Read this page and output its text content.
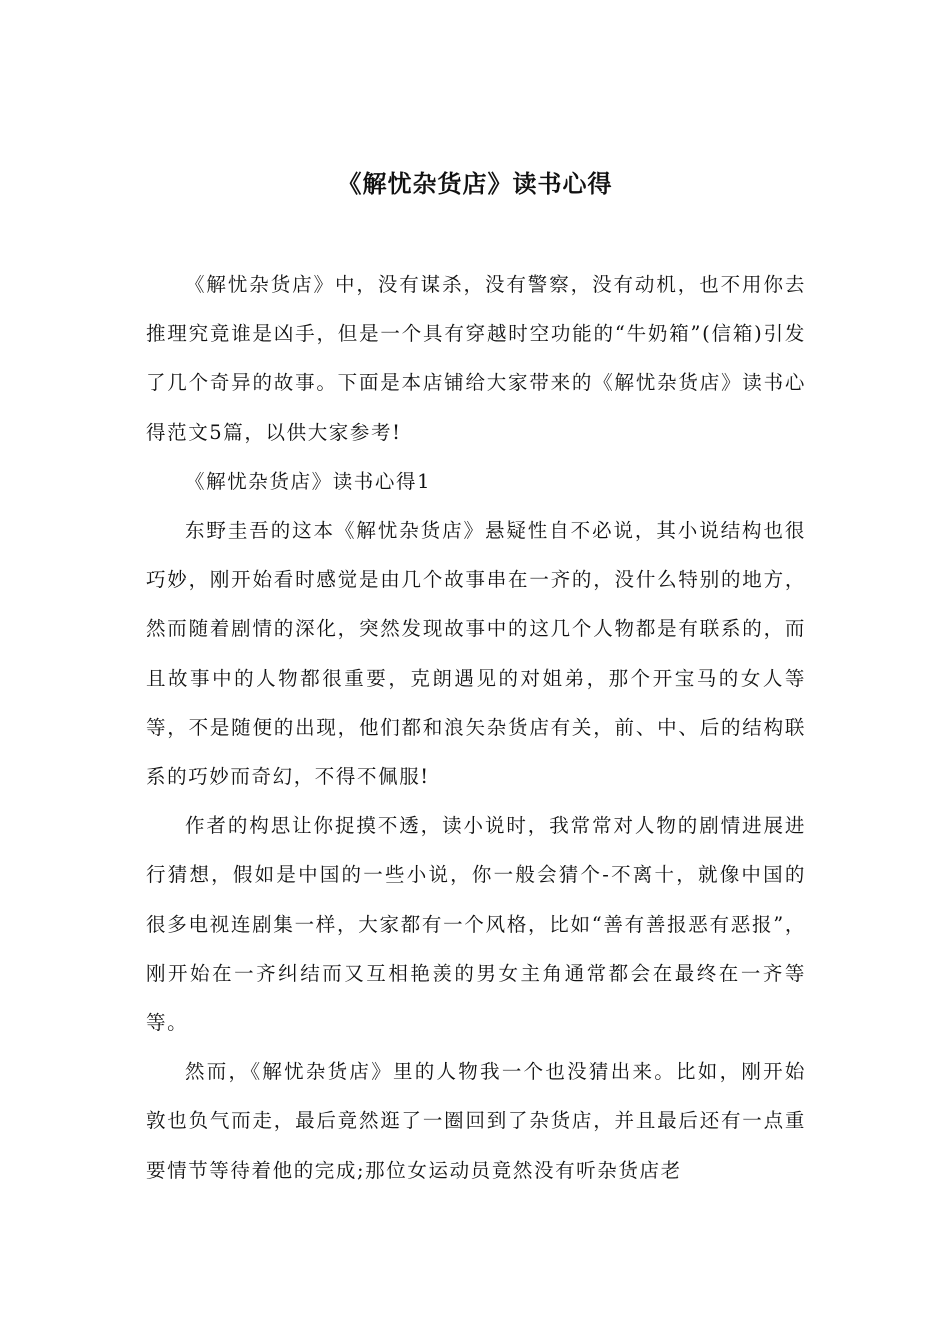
《解忧杂货店》读书心得

《解忧杂货店》中，没有谋杀，没有警察，没有动机，也不用你去推理究竟谁是凶手，但是一个具有穿越时空功能的“牛奶箱”(信箱)引发了几个奇异的故事。下面是本店铺给大家带来的《解忧杂货店》读书心得范文5篇，以供大家参考!

《解忧杂货店》读书心得1

东野圭吾的这本《解忧杂货店》悬疑性自不必说，其小说结构也很巧妙，刚开始看时感觉是由几个故事串在一齐的，没什么特别的地方，然而随着剧情的深化，突然发现故事中的这几个人物都是有联系的，而且故事中的人物都很重要，克朗遇见的对姐弟，那个开宝马的女人等等，不是随便的出现，他们都和浪矢杂货店有关，前、中、后的结构联系的巧妙而奇幻，不得不佩服!

作者的构思让你捉摸不透，读小说时，我常常对人物的剧情进展进行猜想，假如是中国的一些小说，你一般会猜个-不离十，就像中国的很多电视连剧集一样，大家都有一个风格，比如“善有善报恶有恶报”，刚开始在一齐纠结而又互相艳羡的男女主角通常都会在最终在一齐等等。

然而，《解忧杂货店》里的人物我一个也没猜出来。比如，刚开始敦也负气而走，最后竟然逛了一圈回到了杂货店，并且最后还有一点重要情节等待着他的完成;那位女运动员竟然没有听杂货店老
